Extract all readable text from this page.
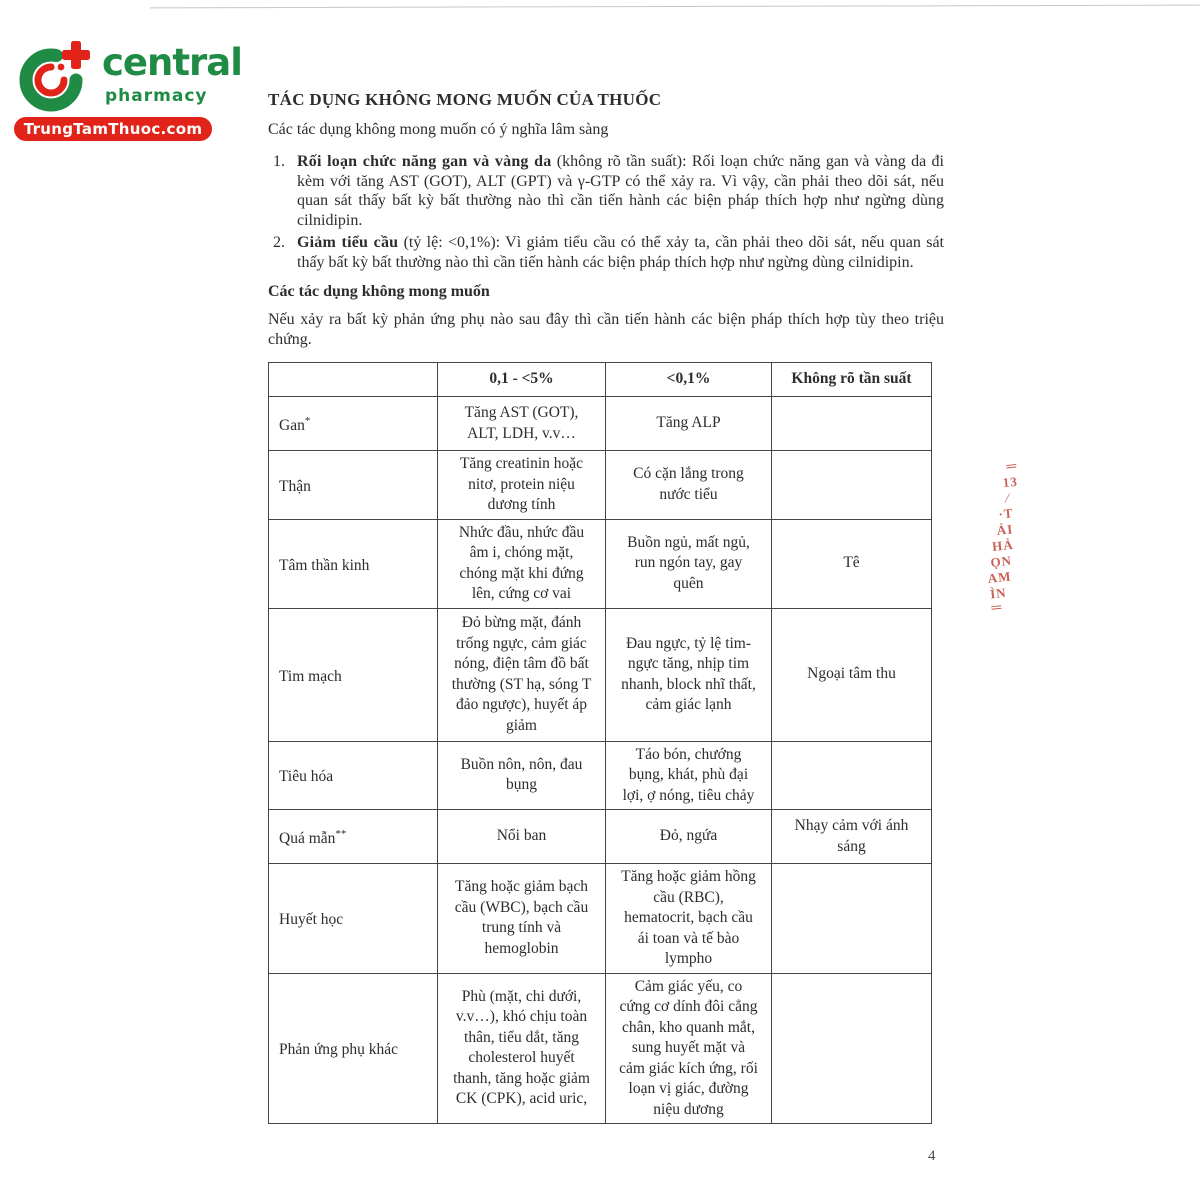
central
pharmacy
TrungTamThuoc.com
TÁC DỤNG KHÔNG MONG MUỐN CỦA THUỐC

Các tác dụng không mong muốn có ý nghĩa lâm sàng

1. Rối loạn chức năng gan và vàng da (không rõ tần suất): Rối loạn chức năng gan và vàng da đi kèm với tăng AST (GOT), ALT (GPT) và γ-GTP có thể xảy ra. Vì vậy, cần phải theo dõi sát, nếu quan sát thấy bất kỳ bất thường nào thì cần tiến hành các biện pháp thích hợp như ngừng dùng cilnidipin.
2. Giảm tiểu cầu (tỷ lệ: <0,1%): Vì giảm tiểu cầu có thể xảy ta, cần phải theo dõi sát, nếu quan sát thấy bất kỳ bất thường nào thì cần tiến hành các biện pháp thích hợp như ngừng dùng cilnidipin.

Các tác dụng không mong muốn

Nếu xảy ra bất kỳ phản ứng phụ nào sau đây thì cần tiến hành các biện pháp thích hợp tùy theo triệu chứng.

	0,1 - <5%	<0,1%	Không rõ tần suất
Gan*	Tăng AST (GOT), ALT, LDH, v.v…	Tăng ALP	
Thận	Tăng creatinin hoặc nitơ, protein niệu dương tính	Có cặn lắng trong nước tiểu	
Tâm thần kinh	Nhức đầu, nhức đầu âm i, chóng mặt, chóng mặt khi đứng lên, cứng cơ vai	Buồn ngủ, mất ngủ, run ngón tay, gay quên	Tê
Tim mạch	Đỏ bừng mặt, đánh trống ngực, cảm giác nóng, điện tâm đồ bất thường (ST hạ, sóng T đảo ngược), huyết áp giảm	Đau ngực, tỷ lệ tim-ngực tăng, nhịp tim nhanh, block nhĩ thất, cảm giác lạnh	Ngoại tâm thu
Tiêu hóa	Buồn nôn, nôn, đau bụng	Táo bón, chướng bụng, khát, phù đại lợi, ợ nóng, tiêu chảy	
Quá mẫn**	Nổi ban	Đỏ, ngứa	Nhạy cảm với ánh sáng
Huyết học	Tăng hoặc giảm bạch cầu (WBC), bạch cầu trung tính và hemoglobin	Tăng hoặc giảm hồng cầu (RBC), hematocrit, bạch cầu ái toan và tế bào lympho	
Phản ứng phụ khác	Phù (mặt, chi dưới, v.v…), khó chịu toàn thân, tiểu dắt, tăng cholesterol huyết thanh, tăng hoặc giảm CK (CPK), acid uric,	Cảm giác yếu, co cứng cơ dính đôi cẳng chân, kho quanh mắt, sung huyết mặt và cảm giác kích ứng, rối loạn vị giác, đường niệu dương	
═
13
∕
·T
ẢI
HẢ
ỌN
AM
ÌN
═
4
